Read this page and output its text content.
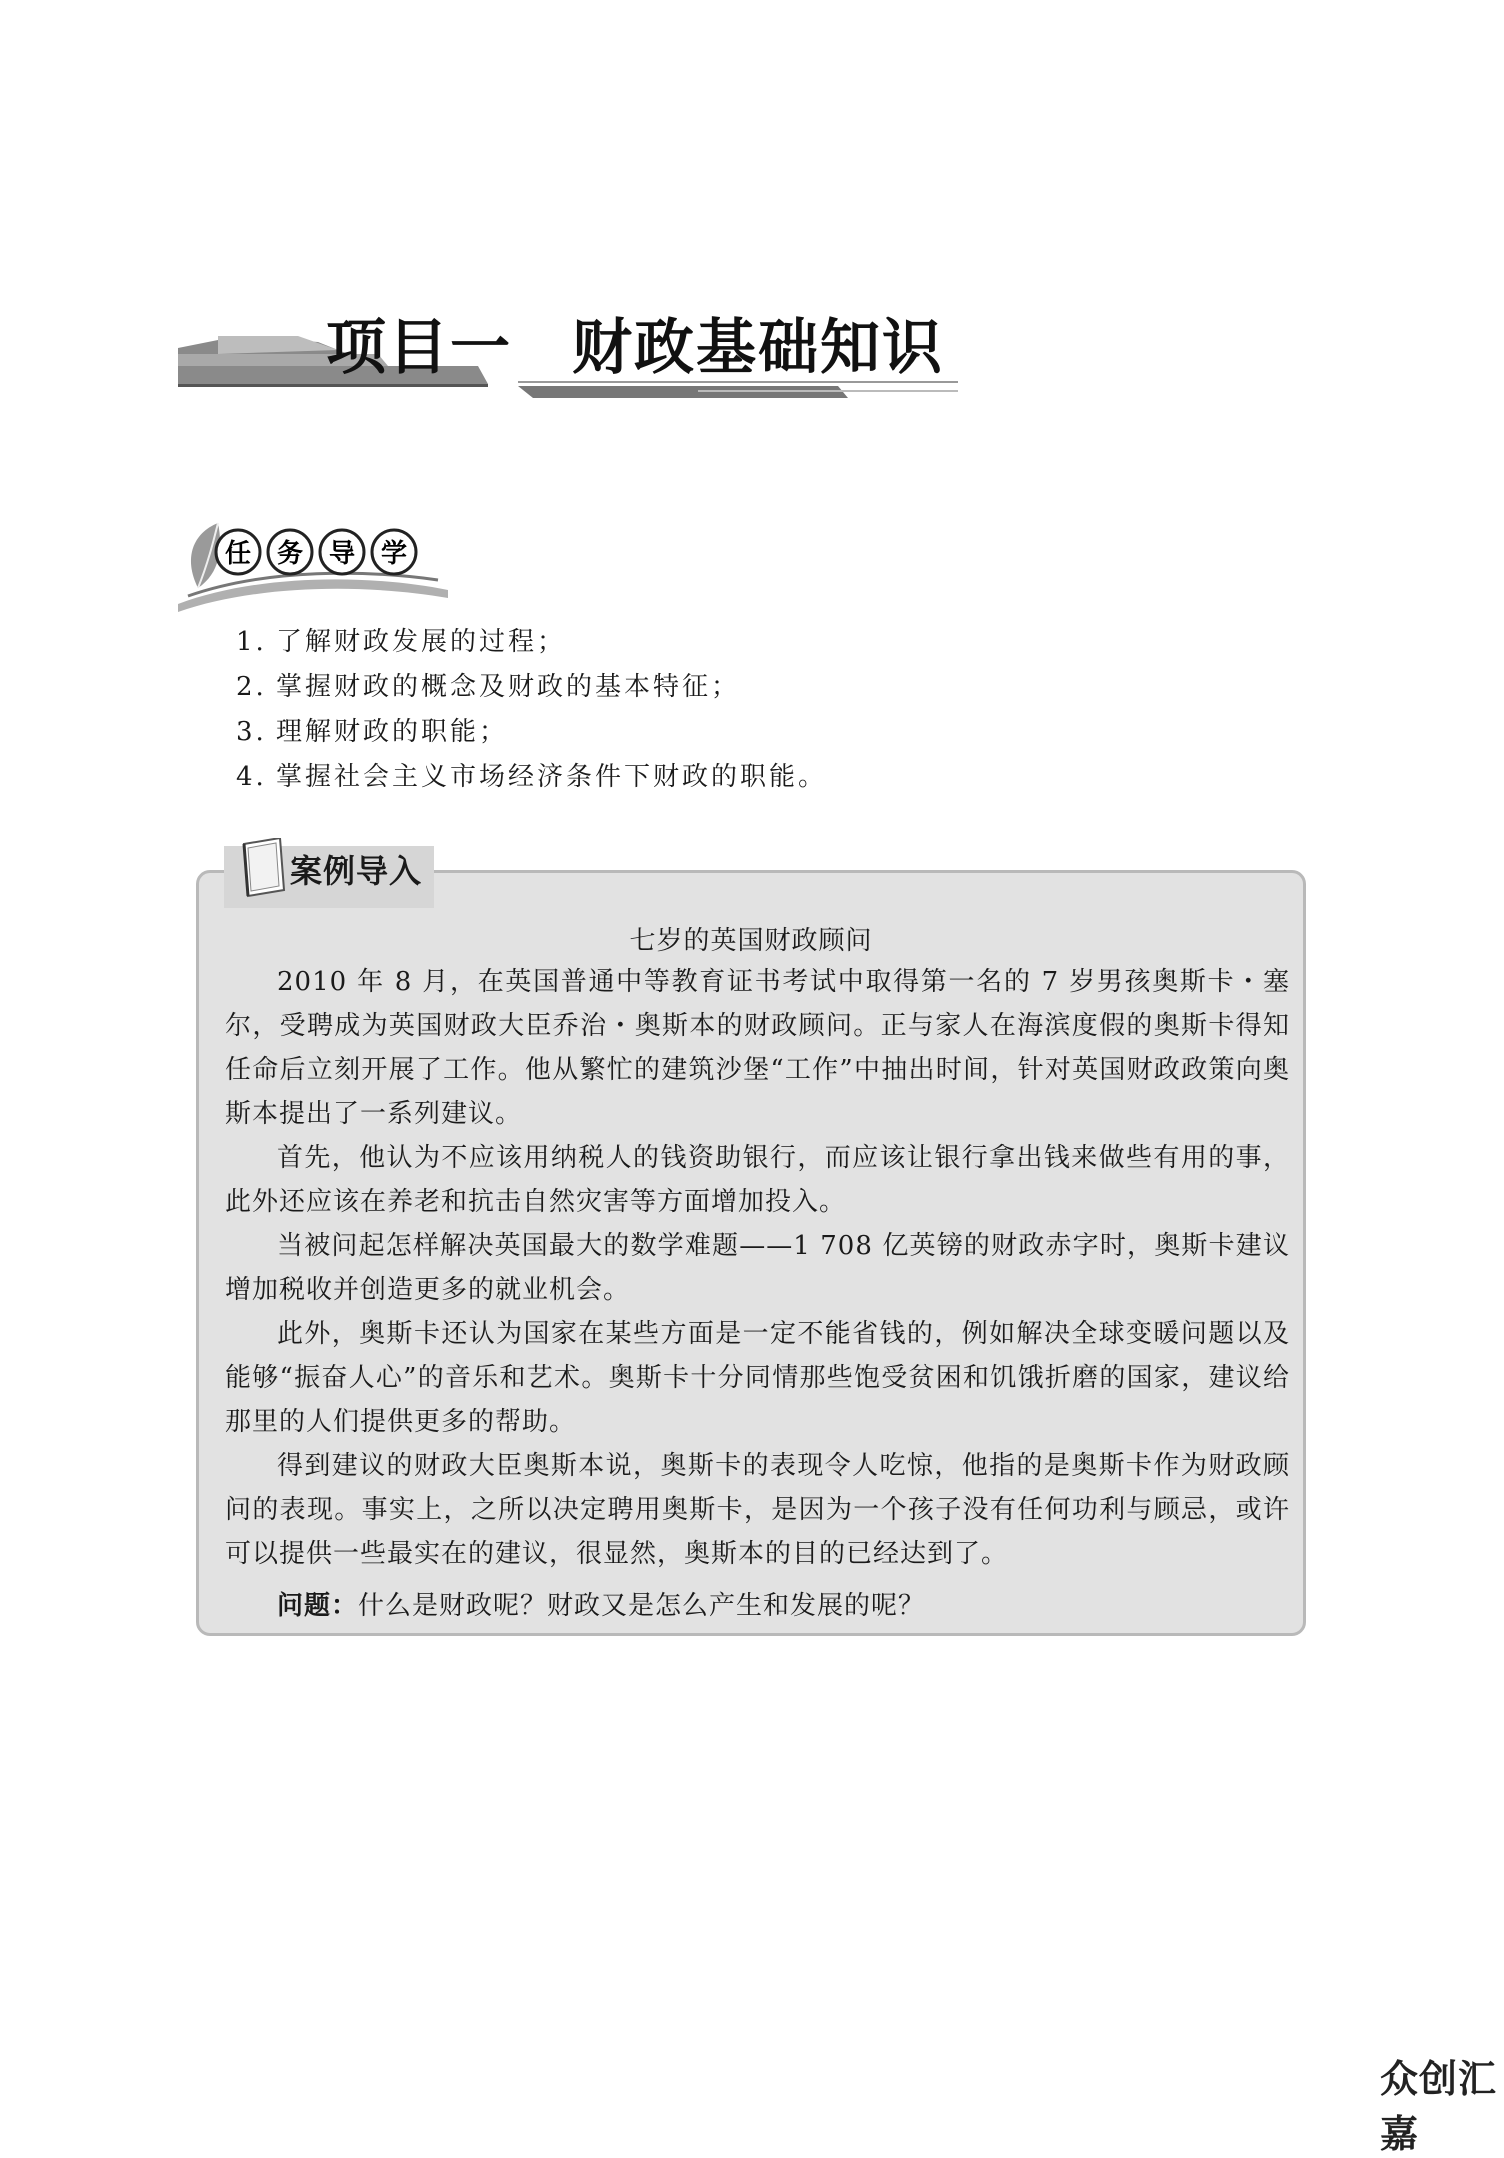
项目一 财政基础知识
任 务 导 学
1. 了解财政发展的过程；
2. 掌握财政的概念及财政的基本特征；
3. 理解财政的职能；
4. 掌握社会主义市场经济条件下财政的职能。
案例导入
七岁的英国财政顾问

2010 年 8 月，在英国普通中等教育证书考试中取得第一名的 7 岁男孩奥斯卡・塞尔，受聘成为英国财政大臣乔治・奥斯本的财政顾问。正与家人在海滨度假的奥斯卡得知任命后立刻开展了工作。他从繁忙的建筑沙堡“工作”中抽出时间，针对英国财政政策向奥斯本提出了一系列建议。

首先，他认为不应该用纳税人的钱资助银行，而应该让银行拿出钱来做些有用的事，此外还应该在养老和抗击自然灾害等方面增加投入。

当被问起怎样解决英国最大的数学难题——1 708 亿英镑的财政赤字时，奥斯卡建议增加税收并创造更多的就业机会。

此外，奥斯卡还认为国家在某些方面是一定不能省钱的，例如解决全球变暖问题以及能够“振奋人心”的音乐和艺术。奥斯卡十分同情那些饱受贫困和饥饿折磨的国家，建议给那里的人们提供更多的帮助。

得到建议的财政大臣奥斯本说，奥斯卡的表现令人吃惊，他指的是奥斯卡作为财政顾问的表现。事实上，之所以决定聘用奥斯卡，是因为一个孩子没有任何功利与顾忌，或许可以提供一些最实在的建议，很显然，奥斯本的目的已经达到了。

问题：什么是财政呢？财政又是怎么产生和发展的呢？

众创汇嘉
